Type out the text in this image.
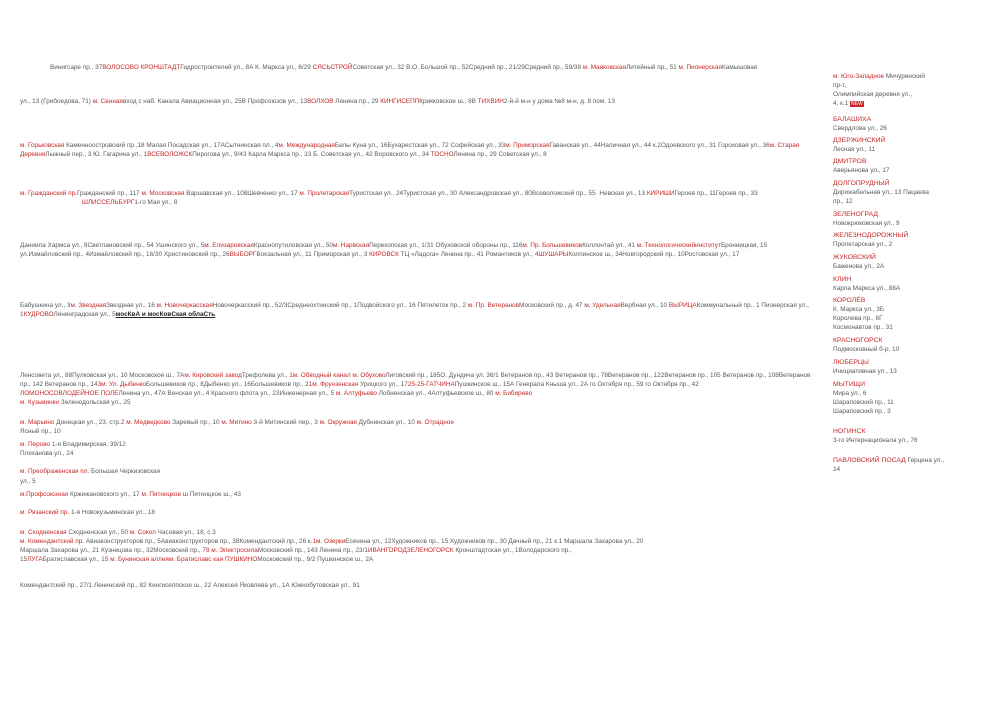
Винигсаре пр., 37ВОЛОСОВО КРОНШТАДТГидростроителей ул., 8А К. Маркса ул., 6/29 СЯСЬСТРОЙСоветская ул., 32 В.О. Большой пр., 52Средний пр., 21/29Средний пр., 59/38 м. МаяковскаяЛитейный пр., 51 м. ПионерскаяКамышовая
ул., 13 (Грибоедова, 71) м. Сеннаявход с наб. Канала Авиационная ул., 25В Профсоюзов ул., 13ВОЛХОВ Ленина пр., 29 КИНГИСЕППКрикковское ш., 8В ТИХВИН2-й-й м-н у дома №8 м-н, д. 8 пом. 13
м. Горьковская Каменноостровский пр.,18 Малая Посадская ул., 17АСытнинская пл., 4м. МеждународнаяБелы Куна ул., 16Бухарестская ул., 72 Софийская ул., 33м. ПриморскаяГаванская ул., 44Наличная ул., 44 к.2Одоевского ул., 31 Гороховая ул., 36м. Старая
ДеревняЛыжный пер., 3 Ю. Гагарина ул., 1ВСЕВОЛОЖСКПирогова ул., 9/43 Карла Маркса пр., 33 Б. Советская ул., 42 Воровского ул., 34 ТОСНОЛенина пр., 29 Советская ул., 8
м. Гражданский пр.Гражданский пр., 117 м. Московская Варшавская ул., 108Шевченко ул., 17 м. ПролетарскаяТуристская ул., 24Туристская ул., 30 Александровская ул., 80Всеволожский пр., 55· Невская ул., 13 КИРИШИГероев пр., 11Героев пр., 33
ШЛИССЕЛЬБУРГ1-го Мая ул., 8
Даниила Хармса ул., 8Светлановский пр., 54 Ушинского ул., 5м. ЕлизаровскаяКраснопутиловская ул., 50м. НарвскаяПерекопская ул., 1/31 Обуховской обороны пр., 116м. Пр. БольшевиковКоллонтай ул., 41 м. ТехнологическийинститутБронницкая, 15
ул.Измайловский пр., 4Измайловский пр., 16/30 Христиновский пр., 26ВЫБОРГВокзальная ул., 11 Приморская ул., 3 КИРОВСК ТЦ «Ладога» Ленина пр., 41 Романтиков ул., 4ШУШАРЫКолпинское ш., 34Новгородский пр., 10Ростовская ул., 17
Бабушкина ул., 3м. ЗвезднаяЗвездная ул., 16 м. НовочеркасскаяНовочеркасский пр., 52/3Среднеохтинский пр., 1Подвойского ул., 16 Пятилеток пр., 2 м. Пр. ВетерановМосковский пр., д. 47 м. УдельнаяВербная ул., 10 ВЫРИЦАКоммунальный пр., 1 Пионерская ул.,
1КУДРОВОЛенинградская ул., 5мосКвА и мосКовСкая облаСть
Ленсовета ул., 88Пулковская ул., 10 Московское ш., 7Ам. Кировский заводТрефолева ул., 1м. Обводный канал м. ОбуховоЛиговский пр., 185О. Дундича ул. 36/1 Ветеранов пр., 43 Ветеранов пр., 78Ветеранов пр., 122Ветеранов пр., 105 Ветеранов пр., 108Ветеранов
пр., 142 Ветеранов пр., 143м. Ул. ДыбенкоБольшевиков пр., 8Дыбенко ул., 16Большевиков пр., 21м. Фрунзенская Урицкого ул., 1725-25-ГАТЧИНАПушкинское ш., 15А Генерала Кныша ул., 2А го Октября пр., 59 го Октября пр., 42
ЛОМОНОСОВЛОДЕЙНОЕ ПОЛЕЛенина ул., 47А Венская ул., 4 Красного флота ул., 23Инженерная ул., 5 м. Алтуфьево Лобненская ул., 4Алтуфьевское ш., 80 м. Бибирево
м. Кузьминки Зеленодольская ул., 25
м. Марьино Донецкая ул., 23, стр.2 м. Медведково Заревый пр., 10 м. Митино 3-й Митинский пер., 3 м. Окружная Дубнинская ул., 10 м. Отрадное
Ясный пр., 10
м. Перово 1-я Владимирская, 39/12
Плеханова ул., 24
м. Преображенская пл. Большая Черкизовская
ул., 5
м.Профсоюзная Кржижановского ул., 17 м. Пятницкое ш Пятницкое ш., 43
м. Рязанский пр. 1-я Новокузьминская ул., 18
м. Сходненская Сходненская ул., 50 м. Сокол Часовая ул., 18, с.3
м. Комендантский пр. Авиаконструкторов пр., 5Авиаконструкторов пр., 38Комендантский пр., 26 к.1м. ОзеркиЕсенина ул., 12Художников пр., 15 Художников пр., 30 Дачный пр., 21 к.1 Маршала Захарова ул., 20
Маршала Захарова ул., 21 Кузнецова пр., 32Московский пр., 78 м. ЭлектросилаМосковский пр., 143 Ленина пр., 23/1ИВАНГОРОДЗЕЛЕНОГОРСК Кронштадтская ул., 1Володарского пр.,
15ЛУГАБратиславская ул., 15 м. Бунинская аллеям. Братиславс кая ПУШКИНОМосковский пр., 9/2 Пушкинское ш., 2А
Комендантский пр., 27/1 Ленинский пр., 82 Кингисеппское ш., 22 Алексея Яковлева ул., 1А Южнобутовская ул., 91
м. Юго-Западное Мичуринский
пр-т,
Олимпийская деревня ул.,
4, к.1 NEW
БАЛАШИХА
Свердлова ул., 26
ДЗЕРЖИНСКИЙ
Лесная ул., 11
ДМИТРОВ
Аверьянова ул., 17
ДОЛГОПРУДНЫЙ
Дирижабельная ул., 13 Пацаева
пр., 12
ЗЕЛЕНОГРАД
Новокрюковская ул., 9
ЖЕЛЕЗНОДОРОЖНЫЙ
Пролетарская ул., 2
ЖУКОВСКИЙ
Баженова ул., 2А
КЛИН
Карла Маркса ул., 88А
КОРОЛЁВ
К. Маркса ул., 3Б
Королева пр., 6Г
Космонавтов пр., 31
КРАСНОГОРСК
Подмосковный б-р, 10
ЛЮБЕРЦЫ
Инициативная ул., 13
МЫТИЩИ
Мира ул., 6
Шараповский пр., 11
Шараповский пр., 3
НОГИНСК
3-го Интернационала ул., 76
ПАВЛОВСКИЙ ПОСАД Герцена ул.,
14
